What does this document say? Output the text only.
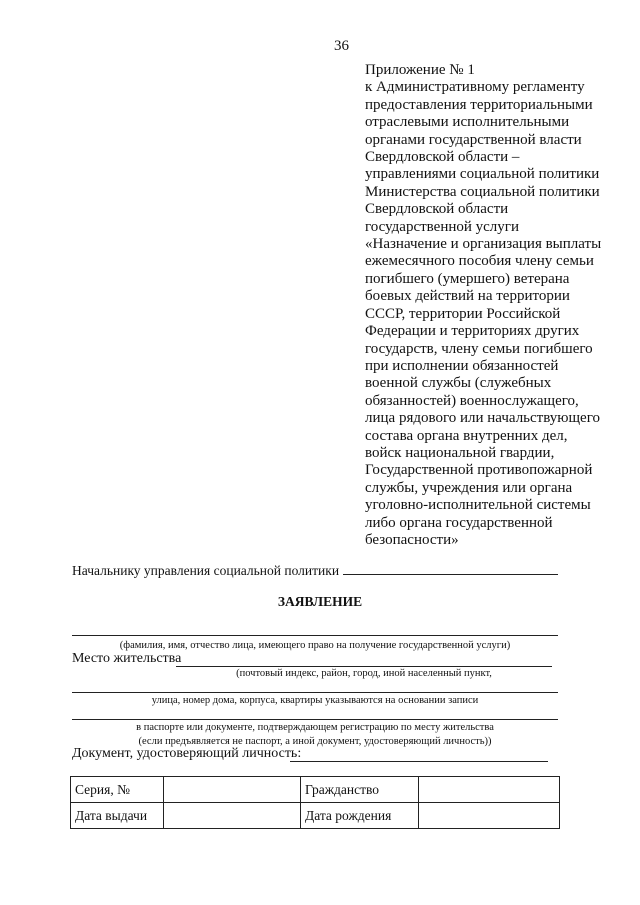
36
Приложение № 1
к Административному регламенту
предоставления территориальными
отраслевыми исполнительными
органами государственной власти
Свердловской области –
управлениями социальной политики
Министерства социальной политики
Свердловской области
государственной услуги
«Назначение и организация выплаты
ежемесячного пособия члену семьи
погибшего (умершего) ветерана
боевых действий на территории
СССР, территории Российской
Федерации и территориях других
государств, члену семьи погибшего
при исполнении обязанностей
военной службы (служебных
обязанностей) военнослужащего,
лица рядового или начальствующего
состава органа внутренних дел,
войск национальной гвардии,
Государственной противопожарной
службы, учреждения или органа
уголовно-исполнительной системы
либо органа государственной
безопасности»
Начальнику управления социальной политики
ЗАЯВЛЕНИЕ
(фамилия, имя, отчество лица, имеющего право на получение государственной услуги)
Место жительства
(почтовый индекс, район, город, иной населенный пункт,
улица, номер дома, корпуса, квартиры указываются на основании записи
в паспорте или документе, подтверждающем регистрацию по месту жительства
(если предъявляется не паспорт, а иной документ, удостоверяющий личность))
Документ, удостоверяющий личность:
Серия, №		Гражданство	
Дата выдачи		Дата рождения	
